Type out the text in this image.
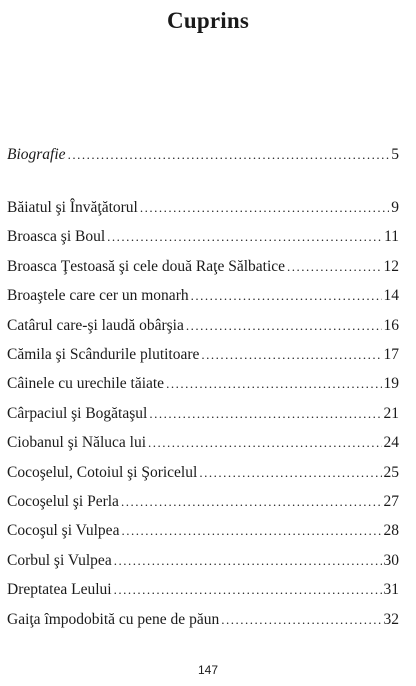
Cuprins
Biografie .....	5
Băiatul şi Învăţătorul .....	9
Broasca şi Boul .....	11
Broasca Ţestoasă şi cele două Raţe Sălbatice .....	12
Broaştele care cer un monarh .....	14
Catârul care-şi laudă obârşia .....	16
Cămila şi Scândurile plutitoare .....	17
Câinele cu urechile tăiate .....	19
Cârpaciul şi Bogătaşul .....	21
Ciobanul şi Năluca lui .....	24
Cocoşelul, Cotoiul şi Şoricelul .....	25
Cocoşelul şi Perla .....	27
Cocoşul şi Vulpea .....	28
Corbul şi Vulpea .....	30
Dreptatea Leului .....	31
Gaiţa împodobită cu pene de păun .....	32
147
